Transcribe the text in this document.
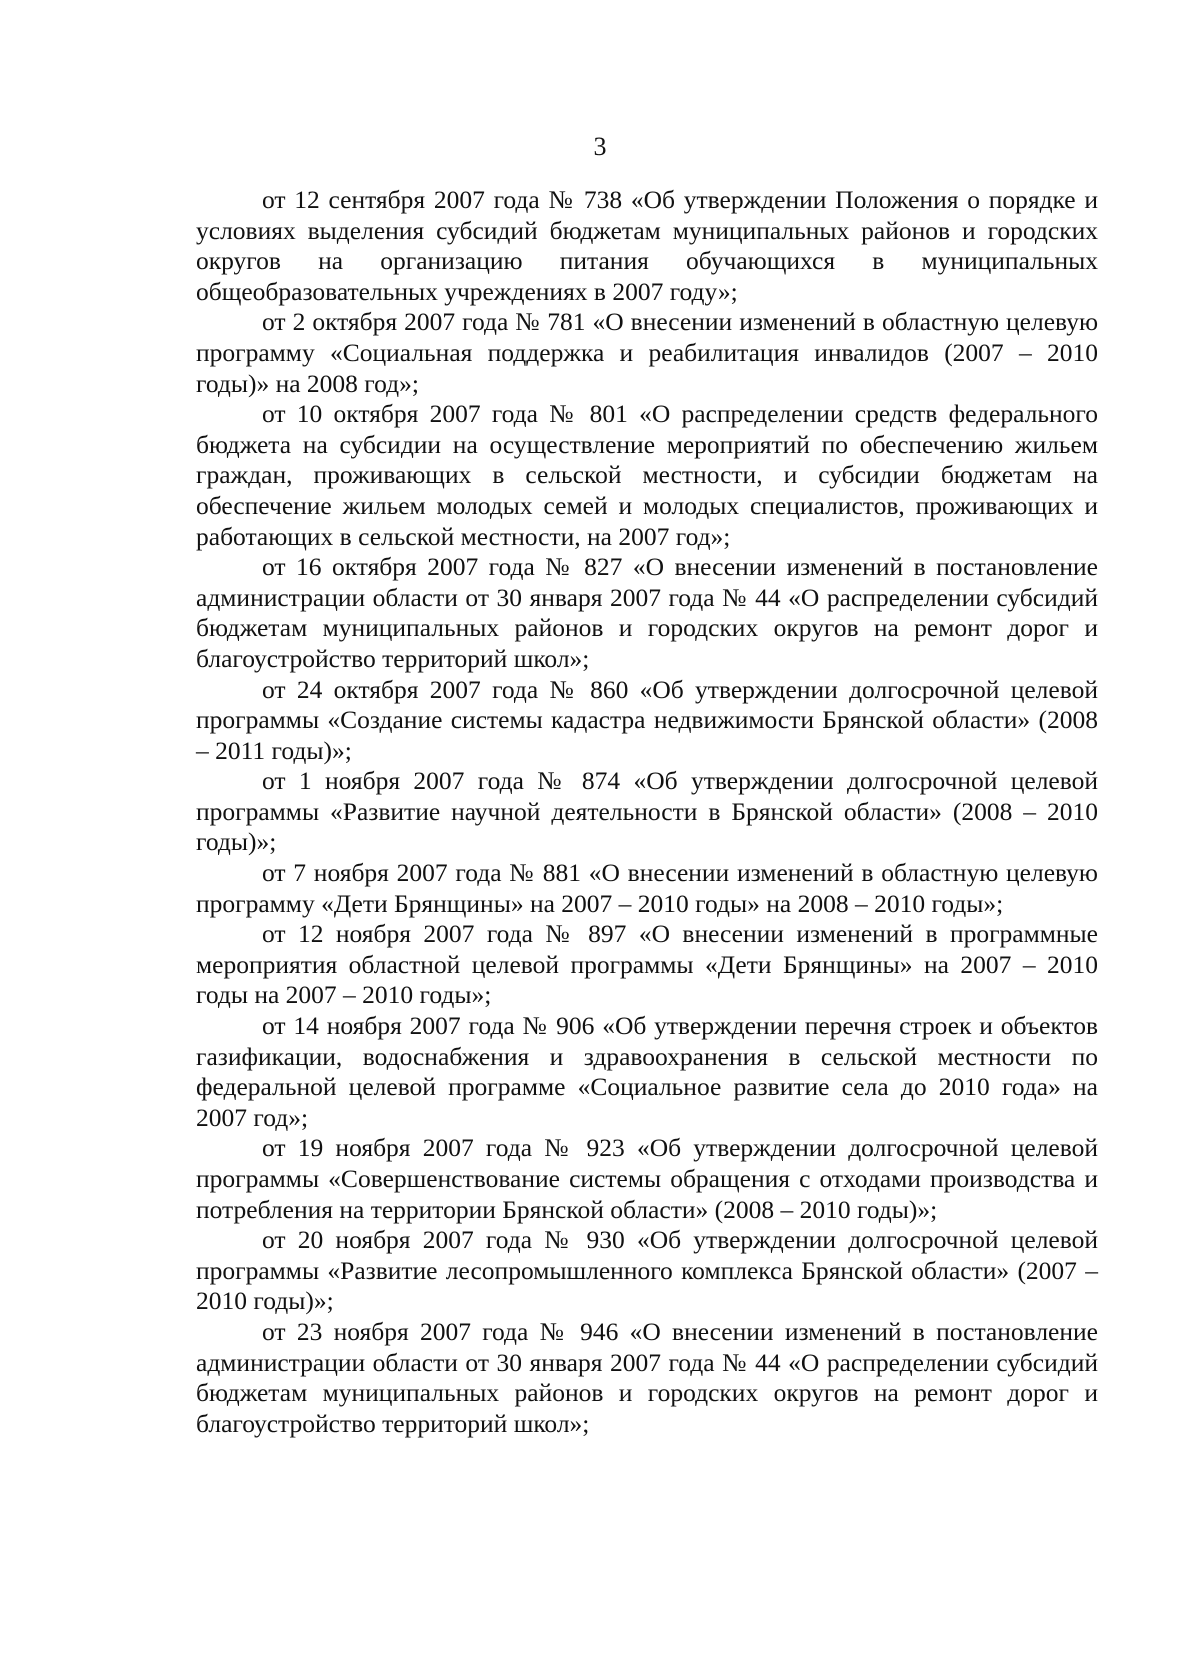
3

от 12 сентября 2007 года № 738 «Об утверждении Положения о порядке и условиях выделения субсидий бюджетам муниципальных районов и городских округов на организацию питания обучающихся в муниципальных общеобразовательных учреждениях в 2007 году»;

от 2 октября 2007 года № 781 «О внесении изменений в областную целевую программу «Социальная поддержка и реабилитация инвалидов (2007 – 2010 годы)» на 2008 год»;

от 10 октября 2007 года № 801 «О распределении средств федерального бюджета на субсидии на осуществление мероприятий по обеспечению жильем граждан, проживающих в сельской местности, и субсидии бюджетам на обеспечение жильем молодых семей и молодых специалистов, проживающих и работающих в сельской местности, на 2007 год»;

от 16 октября 2007 года № 827 «О внесении изменений в постановление администрации области от 30 января 2007 года № 44 «О распределении субсидий бюджетам муниципальных районов и городских округов на ремонт дорог и благоустройство территорий школ»;

от 24 октября 2007 года № 860 «Об утверждении долгосрочной целевой программы «Создание системы кадастра недвижимости Брянской области» (2008 – 2011 годы)»;

от 1 ноября 2007 года № 874 «Об утверждении долгосрочной целевой программы «Развитие научной деятельности в Брянской области» (2008 – 2010 годы)»;

от 7 ноября 2007 года № 881 «О внесении изменений в областную целевую программу «Дети Брянщины» на 2007 – 2010 годы» на 2008 – 2010 годы»;

от 12 ноября 2007 года № 897 «О внесении изменений в программные мероприятия областной целевой программы «Дети Брянщины» на 2007 – 2010 годы на 2007 – 2010 годы»;

от 14 ноября 2007 года № 906 «Об утверждении перечня строек и объектов газификации, водоснабжения и здравоохранения в сельской местности по федеральной целевой программе «Социальное развитие села до 2010 года» на 2007 год»;

от 19 ноября 2007 года № 923 «Об утверждении долгосрочной целевой программы «Совершенствование системы обращения с отходами производства и потребления на территории Брянской области» (2008 – 2010 годы)»;

от 20 ноября 2007 года № 930 «Об утверждении долгосрочной целевой программы «Развитие лесопромышленного комплекса Брянской области» (2007 – 2010 годы)»;

от 23 ноября 2007 года № 946 «О внесении изменений в постановление администрации области от 30 января 2007 года № 44 «О распределении субсидий бюджетам муниципальных районов и городских округов на ремонт дорог и благоустройство территорий школ»;
